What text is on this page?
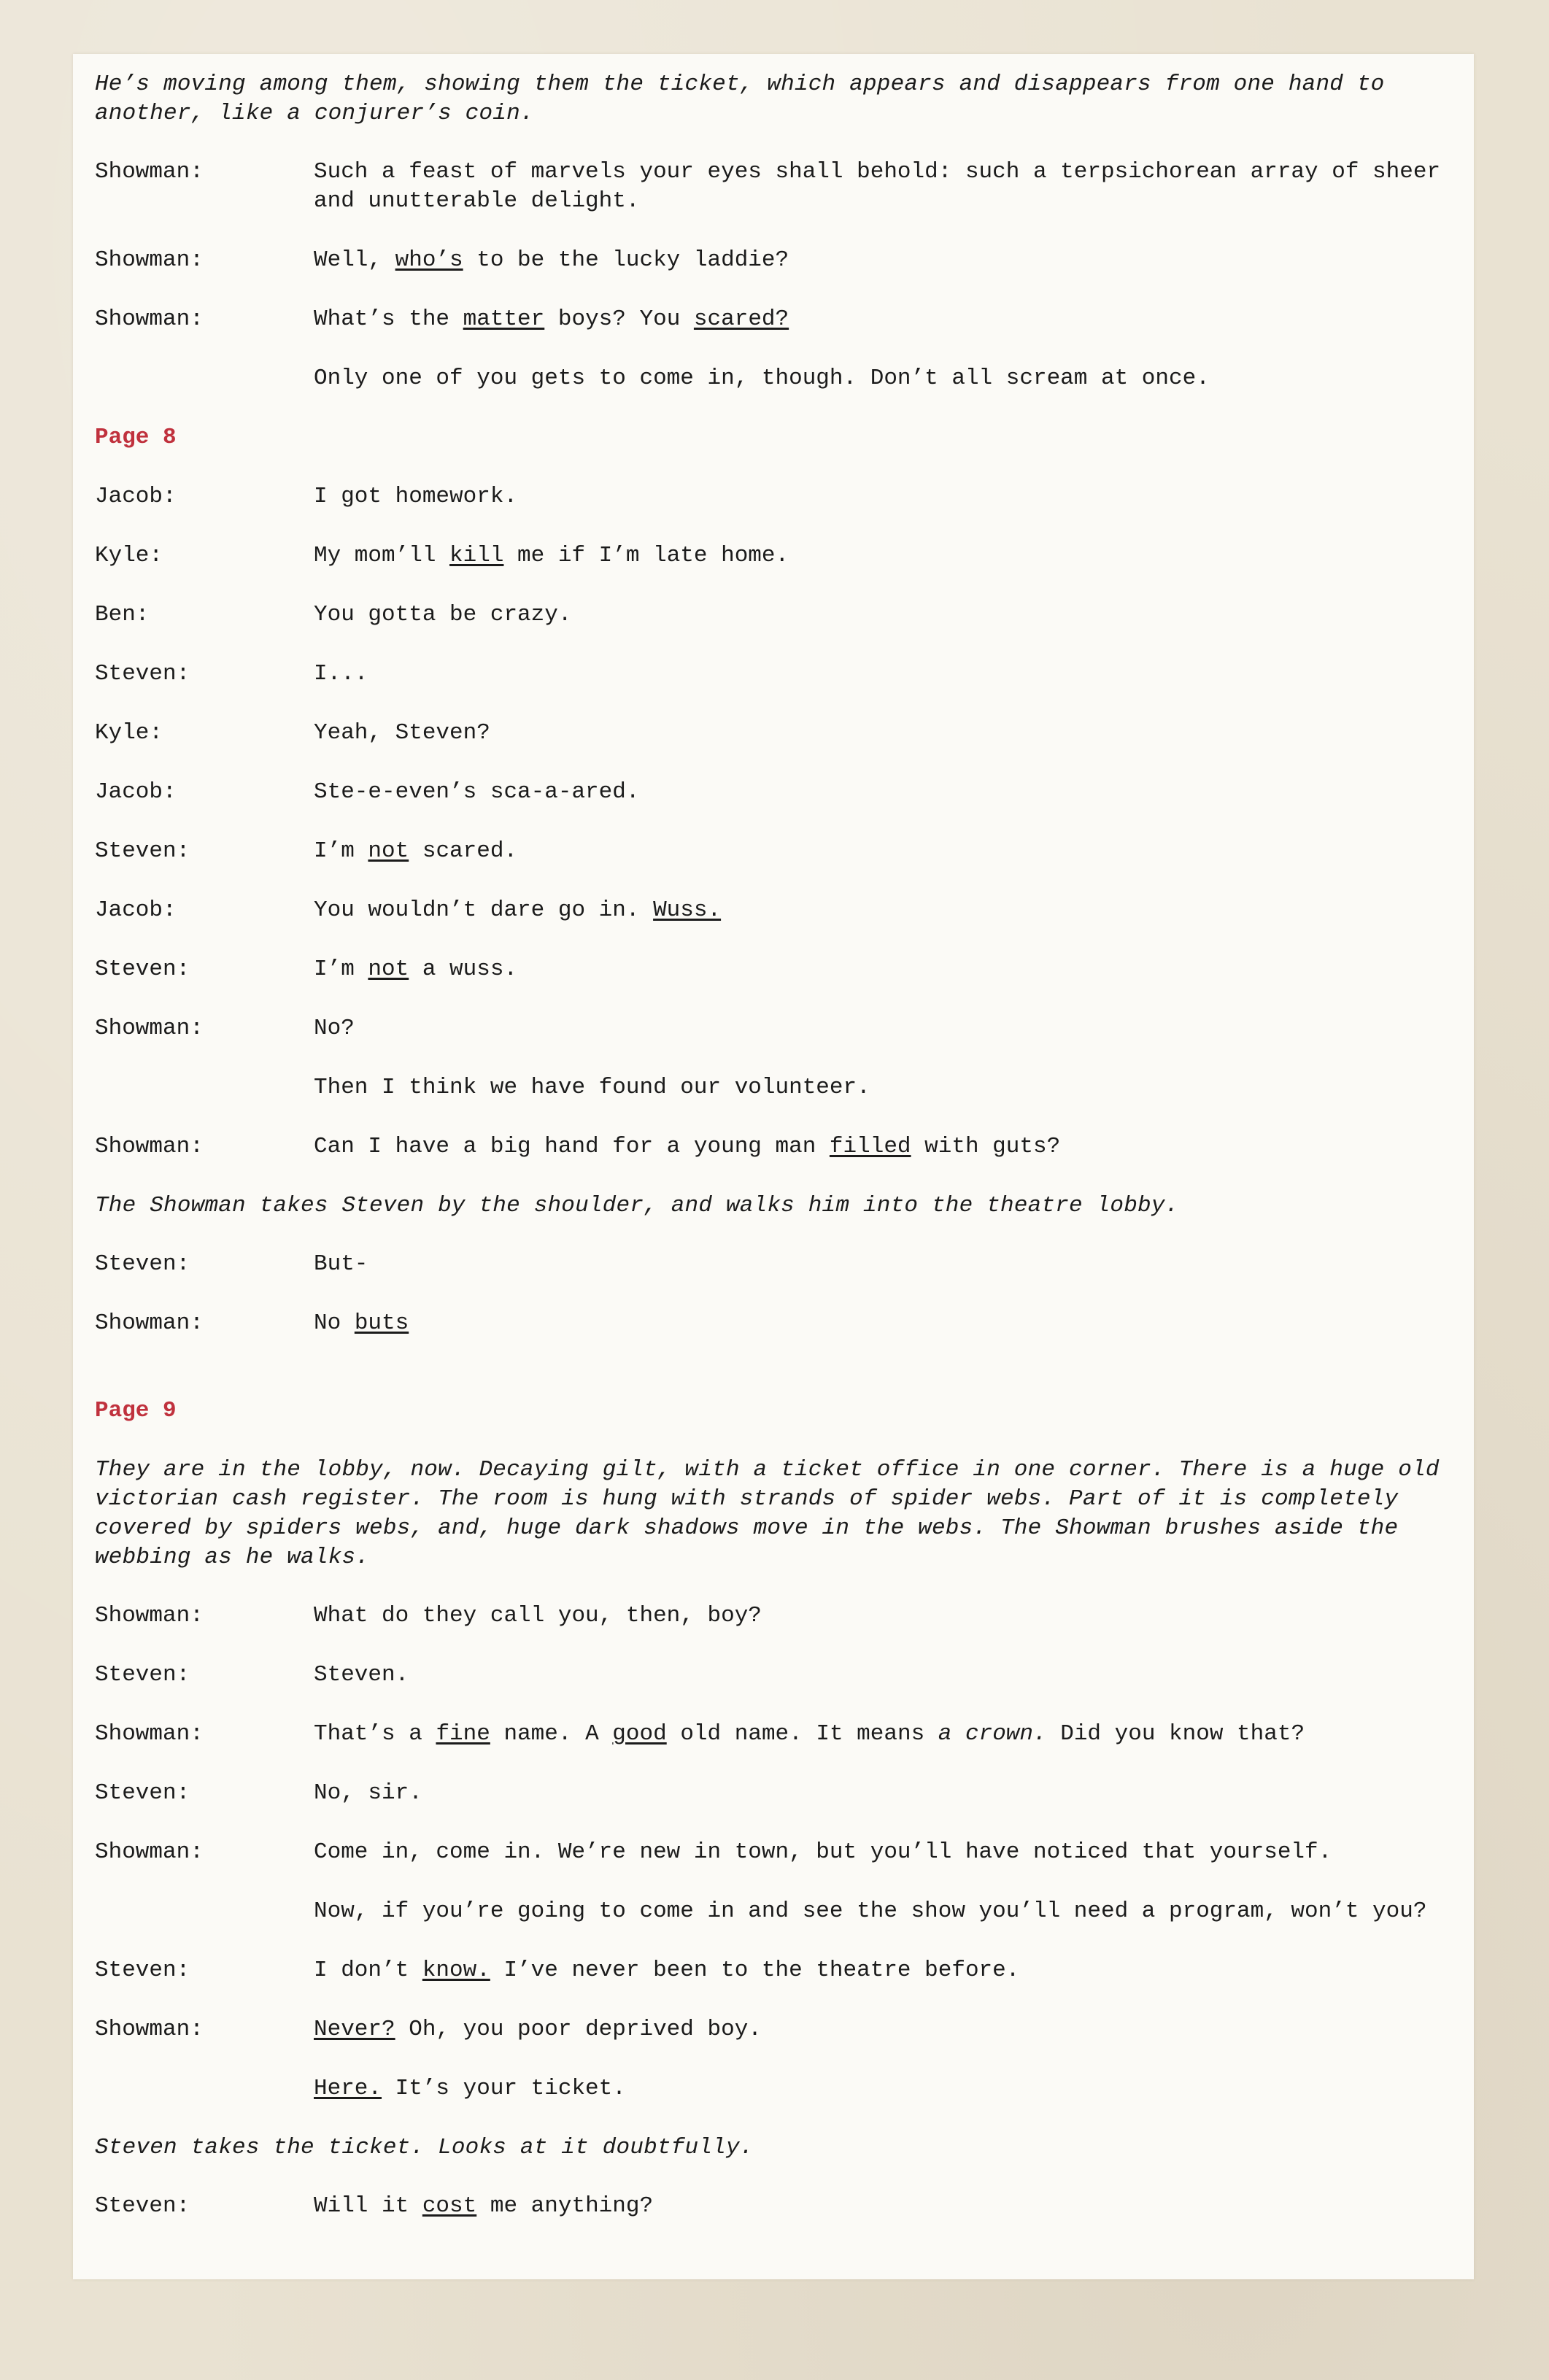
He’s moving among them, showing them the ticket, which appears and disappears from one hand to another, like a conjurer’s coin.
Showman:	Such a feast of marvels your eyes shall behold: such a terpsichorean array of sheer and unutterable delight.
Showman:	Well, who’s to be the lucky laddie?
Showman:	What’s the matter boys? You scared?
Only one of you gets to come in, though. Don’t all scream at once.
Page 8
Jacob:	I got homework.
Kyle:	My mom’ll kill me if I’m late home.
Ben:	You gotta be crazy.
Steven:	I...
Kyle:	Yeah, Steven?
Jacob:	Ste-e-even’s sca-a-ared.
Steven:	I’m not scared.
Jacob:	You wouldn’t dare go in. Wuss.
Steven:	I’m not a wuss.
Showman:	No?
Then I think we have found our volunteer.
Showman:	Can I have a big hand for a young man filled with guts?
The Showman takes Steven by the shoulder, and walks him into the theatre lobby.
Steven:	But-
Showman:	No buts
Page 9
They are in the lobby, now. Decaying gilt, with a ticket office in one corner. There is a huge old victorian cash register. The room is hung with strands of spider webs. Part of it is completely covered by spiders webs, and, huge dark shadows move in the webs. The Showman brushes aside the webbing as he walks.
Showman:	What do they call you, then, boy?
Steven:	Steven.
Showman:	That’s a fine name. A good old name. It means a crown. Did you know that?
Steven:	No, sir.
Showman:	Come in, come in. We’re new in town, but you’ll have noticed that yourself.
Now, if you’re going to come in and see the show you’ll need a program, won’t you?
Steven:	I don’t know. I’ve never been to the theatre before.
Showman:	Never? Oh, you poor deprived boy.
Here. It’s your ticket.
Steven takes the ticket. Looks at it doubtfully.
Steven:	Will it cost me anything?
